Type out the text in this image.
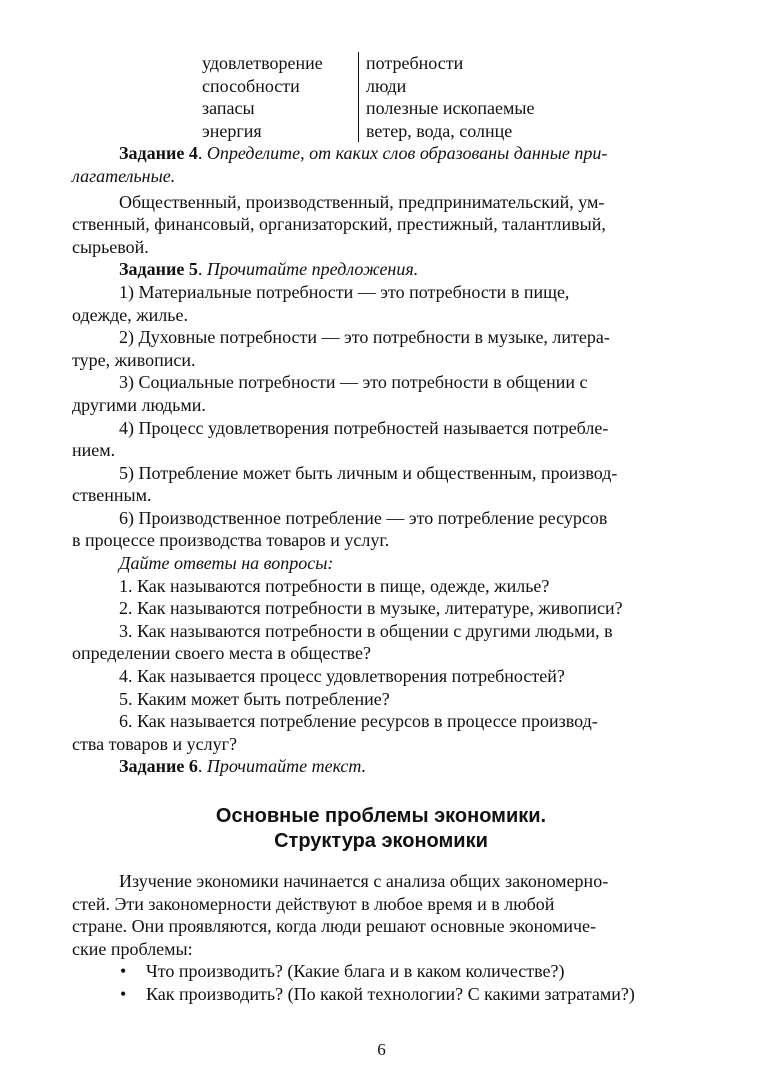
удовлетворение	потребности
способности	люди
запасы	полезные ископаемые
энергия	ветер, вода, солнце

Задание 4. Определите, от каких слов образованы данные при-

лагательные.

Общественный, производственный, предпринимательский, ум-

ственный, финансовый, организаторский, престижный, талантливый,

сырьевой.

Задание 5. Прочитайте предложения.

1) Материальные потребности — это потребности в пище,

одежде, жилье.

2) Духовные потребности — это потребности в музыке, литера-

туре, живописи.

3) Социальные потребности — это потребности в общении с

другими людьми.

4) Процесс удовлетворения потребностей называется потребле-

нием.

5) Потребление может быть личным и общественным, производ-

ственным.

6) Производственное потребление — это потребление ресурсов

в процессе производства товаров и услуг.

Дайте ответы на вопросы:

1. Как называются потребности в пище, одежде, жилье?

2. Как называются потребности в музыке, литературе, живописи?

3. Как называются потребности в общении с другими людьми, в

определении своего места в обществе?

4. Как называется процесс удовлетворения потребностей?

5. Каким может быть потребление?

6. Как называется потребление ресурсов в процессе производ-

ства товаров и услуг?

Задание 6. Прочитайте текст.

Основные проблемы экономики.
Структура экономики

Изучение экономики начинается с анализа общих закономерно-

стей. Эти закономерности действуют в любое время и в любой

стране. Они проявляются, когда люди решают основные экономиче-

ские проблемы:

• Что производить? (Какие блага и в каком количестве?)
• Как производить? (По какой технологии? С какими затратами?)
6
